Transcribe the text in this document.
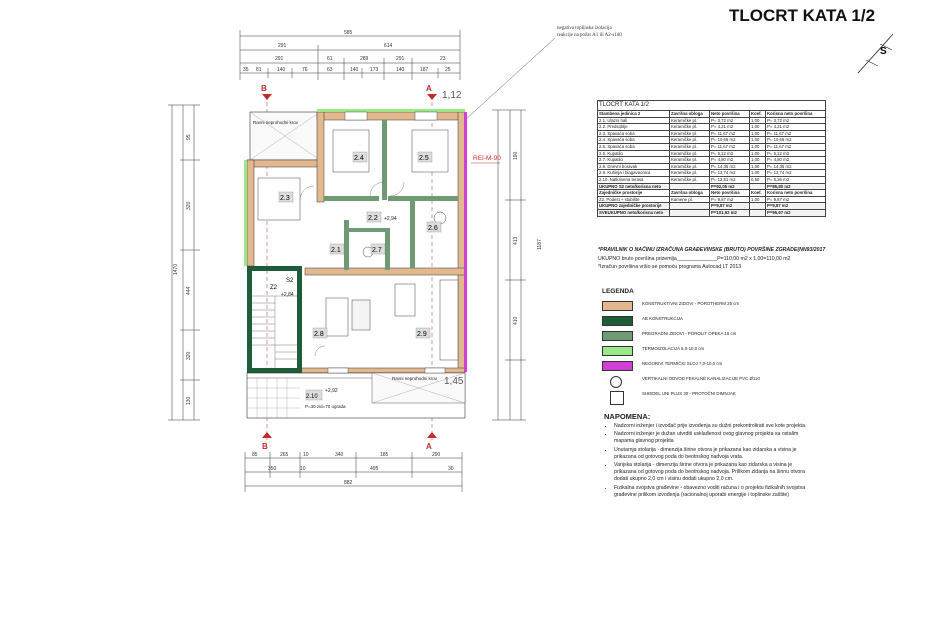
TLOCRT KATA 1/2
S
negativa toplinska izolacija
reakcije na požar A1 ili A2-s1d0
585
291	614
291	61	289	291	23
35 81	140	76	63	140 173	140	187	25
1470
95
320
444
320
130
1187
190
413
410
85	265	10	340	185	290
350	10	495	30
882
B	A
B	A
2.4	2.5
2.3
2.2
2.1	2.7
2.6
2.8	2.9
2.10
Z2
S2
+2,94
+2,92
+2,84
Ravni neprohodni krov
Ravni neprohodni krov
P=30 zid=70 ograda
REI-M-90
1,12
1,45
TLOCRT KATA 1/2				
Stambena jedinica 2	Završna obloga	Neto površina	Koef.	Korisna neto površina
2.1. Ulazni hall	Keramičke pl.	P= 3,72 m2	1,00	P= 3,72 m2
2.2. Predsoblje	Keramičke pl.	P= 4,21 m2	1,00	P= 4,21 m2
2.3. Spavaća soba	Keramičke pl.	P= 11,67 m2	1,00	P= 11,67 m2
2.4. Spavaća soba	Keramičke pl.	P= 10,66 m2	1,00	P= 10,66 m2
2.5. Spavaća soba	Keramičke pl.	P= 11,67 m2	1,00	P= 11,67 m2
2.6. Kupatilo	Keramičke pl.	P= 5,12 m2	1,00	P= 5,12 m2
2.7. Kupatilo	Keramičke pl.	P= 4,80 m2	1,00	P= 4,80 m2
2.8. Dnevni boravak	Keramičke pl.	P= 14,35 m2	1,00	P= 14,35 m2
2.9. Kuhinja i blagavaonica	Keramičke pl.	P= 13,74 m2	1,00	P= 13,74 m2
2.10. Natkrivena terasa	Keramičke pl.	P= 12,51 m2	0,50	P= 6,26 m2
UKUPNO S2 neto/korisna neto		P=92,05 m2		P=85,80 m2
Zajedničke prostorije	Završna obloga	Neto površina	Koef.	Korisna neto površina
Z2. Podest + stubište	Kamene pl.	P= 9,87 m2	1,00	P= 9,87 m2
UKUPNO zajedničke prostorije		P=9,87 m2		P=9,87 m2
SVEUKUPNO neto/korisna neto		P=101,92 m2		P=95,67 m2
*PRAVILNIK O NAČINU IZRAČUNA GRAĐEVINSKE (BRUTO) POVRŠINE ZGRADE(NN93/2017
UKUPNO bruto površina prizemlja______________P=110,00 m2 x 1,00=110,00 m2
*Izračun površina vršio se pomoću programa Autocad LT 2013
LEGENDA
KONSTRUKTIVNI ZIDOVI - POROTHERM 25 cm
AB KONSTRUKCIJA
PREGRADNI ZIDOVI - POROLIT OPEKA 15 cm
TERMOIZOLACIJA 6,0-10,0 cm
NEGORIVI TERMIČKI SLOJ 7,0-10,0 cm
VERTIKALNI ODVOD FEKALNE KANALIZACIJE PVC Ø110
SHIEDEL UNI PLUS 20 - PROTOČNI DIMNJAK
NAPOMENA:
• Nadzorni inženjer i izvođač prije izvođenja su dužni prekontrolirati sve kote projekta.
• Nadzorni inženjer je dužan utvrditi usklađenost ovog glavnog projekta sa ostalim mapama glavnog projekta
• Unutarnja stolarija - dimenzija širine otvora je prikazana kao zidarska a visina je prikazana od gotovog poda do beotnskog nadvoja vrata.
• Vanjska stolarija - dimenzija širine otvora je prikazana kao zidarska a visina je prikazana od gotovog poda do beotnskog nadvoja. Prilikom zidanja na širinu otvora dodati ukupno 2,0 cm i visinu dodati ukupno 2,0 cm.
• Fizikalna svojstva građevine - obavezno voditi računa i o projektu fizikalnih svojstva građevine prilikom izvođenja (racionalnoj uporabi energije i toplinske zaštite)
